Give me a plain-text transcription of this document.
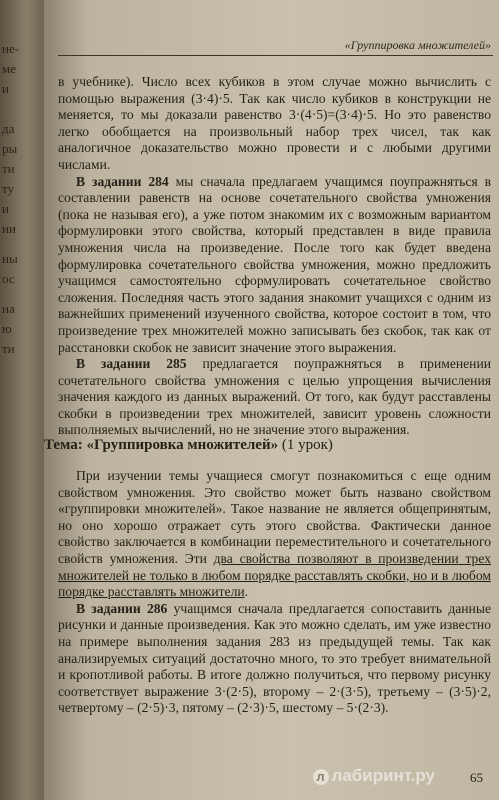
не‑
ме
и
да
ры
ти
ту
и
ии
ны
ос
на
ю
ти
«Группировка множителей»

в учебнике). Число всех кубиков в этом случае можно вычислить с помощью выражения (3·4)·5. Так как число кубиков в конструкции не меняется, то мы доказали равенство 3·(4·5)=(3·4)·5. Но это равенство легко обобщается на произвольный набор трех чисел, так как аналогичное доказательство можно провести и с любыми другими числами.

В задании 284 мы сначала предлагаем учащимся поупражняться в составлении равенств на основе сочетательного свойства умножения (пока не называя его), а уже потом знакомим их с возможным вариантом формулировки этого свойства, который представлен в виде правила умножения числа на произведение. После того как будет введена формулировка сочетательного свойства умножения, можно предложить учащимся самостоятельно сформулировать сочетательное свойство сложения. Последняя часть этого задания знакомит учащихся с одним из важнейших применений изученного свойства, которое состоит в том, что произведение трех множителей можно записывать без скобок, так как от расстановки скобок не зависит значение этого выражения.

В задании 285 предлагается поупражняться в применении сочетательного свойства умножения с целью упрощения вычисления значения каждого из данных выражений. От того, как будут расставлены скобки в произведении трех множителей, зависит уровень сложности выполняемых вычислений, но не значение этого выражения.

Тема: «Группировка множителей» (1 урок)

При изучении темы учащиеся смогут познакомиться с еще одним свойством умножения. Это свойство может быть названо свойством «группировки множителей». Такое название не является общепринятым, но оно хорошо отражает суть этого свойства. Фактически данное свойство заключается в комбинации переместительного и сочетательного свойств умножения. Эти два свойства позволяют в произведении трех множителей не только в любом порядке расставлять скобки, но и в любом порядке расставлять множители.

В задании 286 учащимся сначала предлагается сопоставить данные рисунки и данные произведения. Как это можно сделать, им уже известно на примере выполнения задания 283 из предыдущей темы. Так как анализируемых ситуаций достаточно много, то это требует внимательной и кропотливой работы. В итоге должно получиться, что первому рисунку соответствует выражение 3·(2·5), второму – 2·(3·5), третьему – (3·5)·2, четвертому – (2·5)·3, пятому – (2·3)·5, шестому – 5·(2·3).

л лабиринт.ру	65
